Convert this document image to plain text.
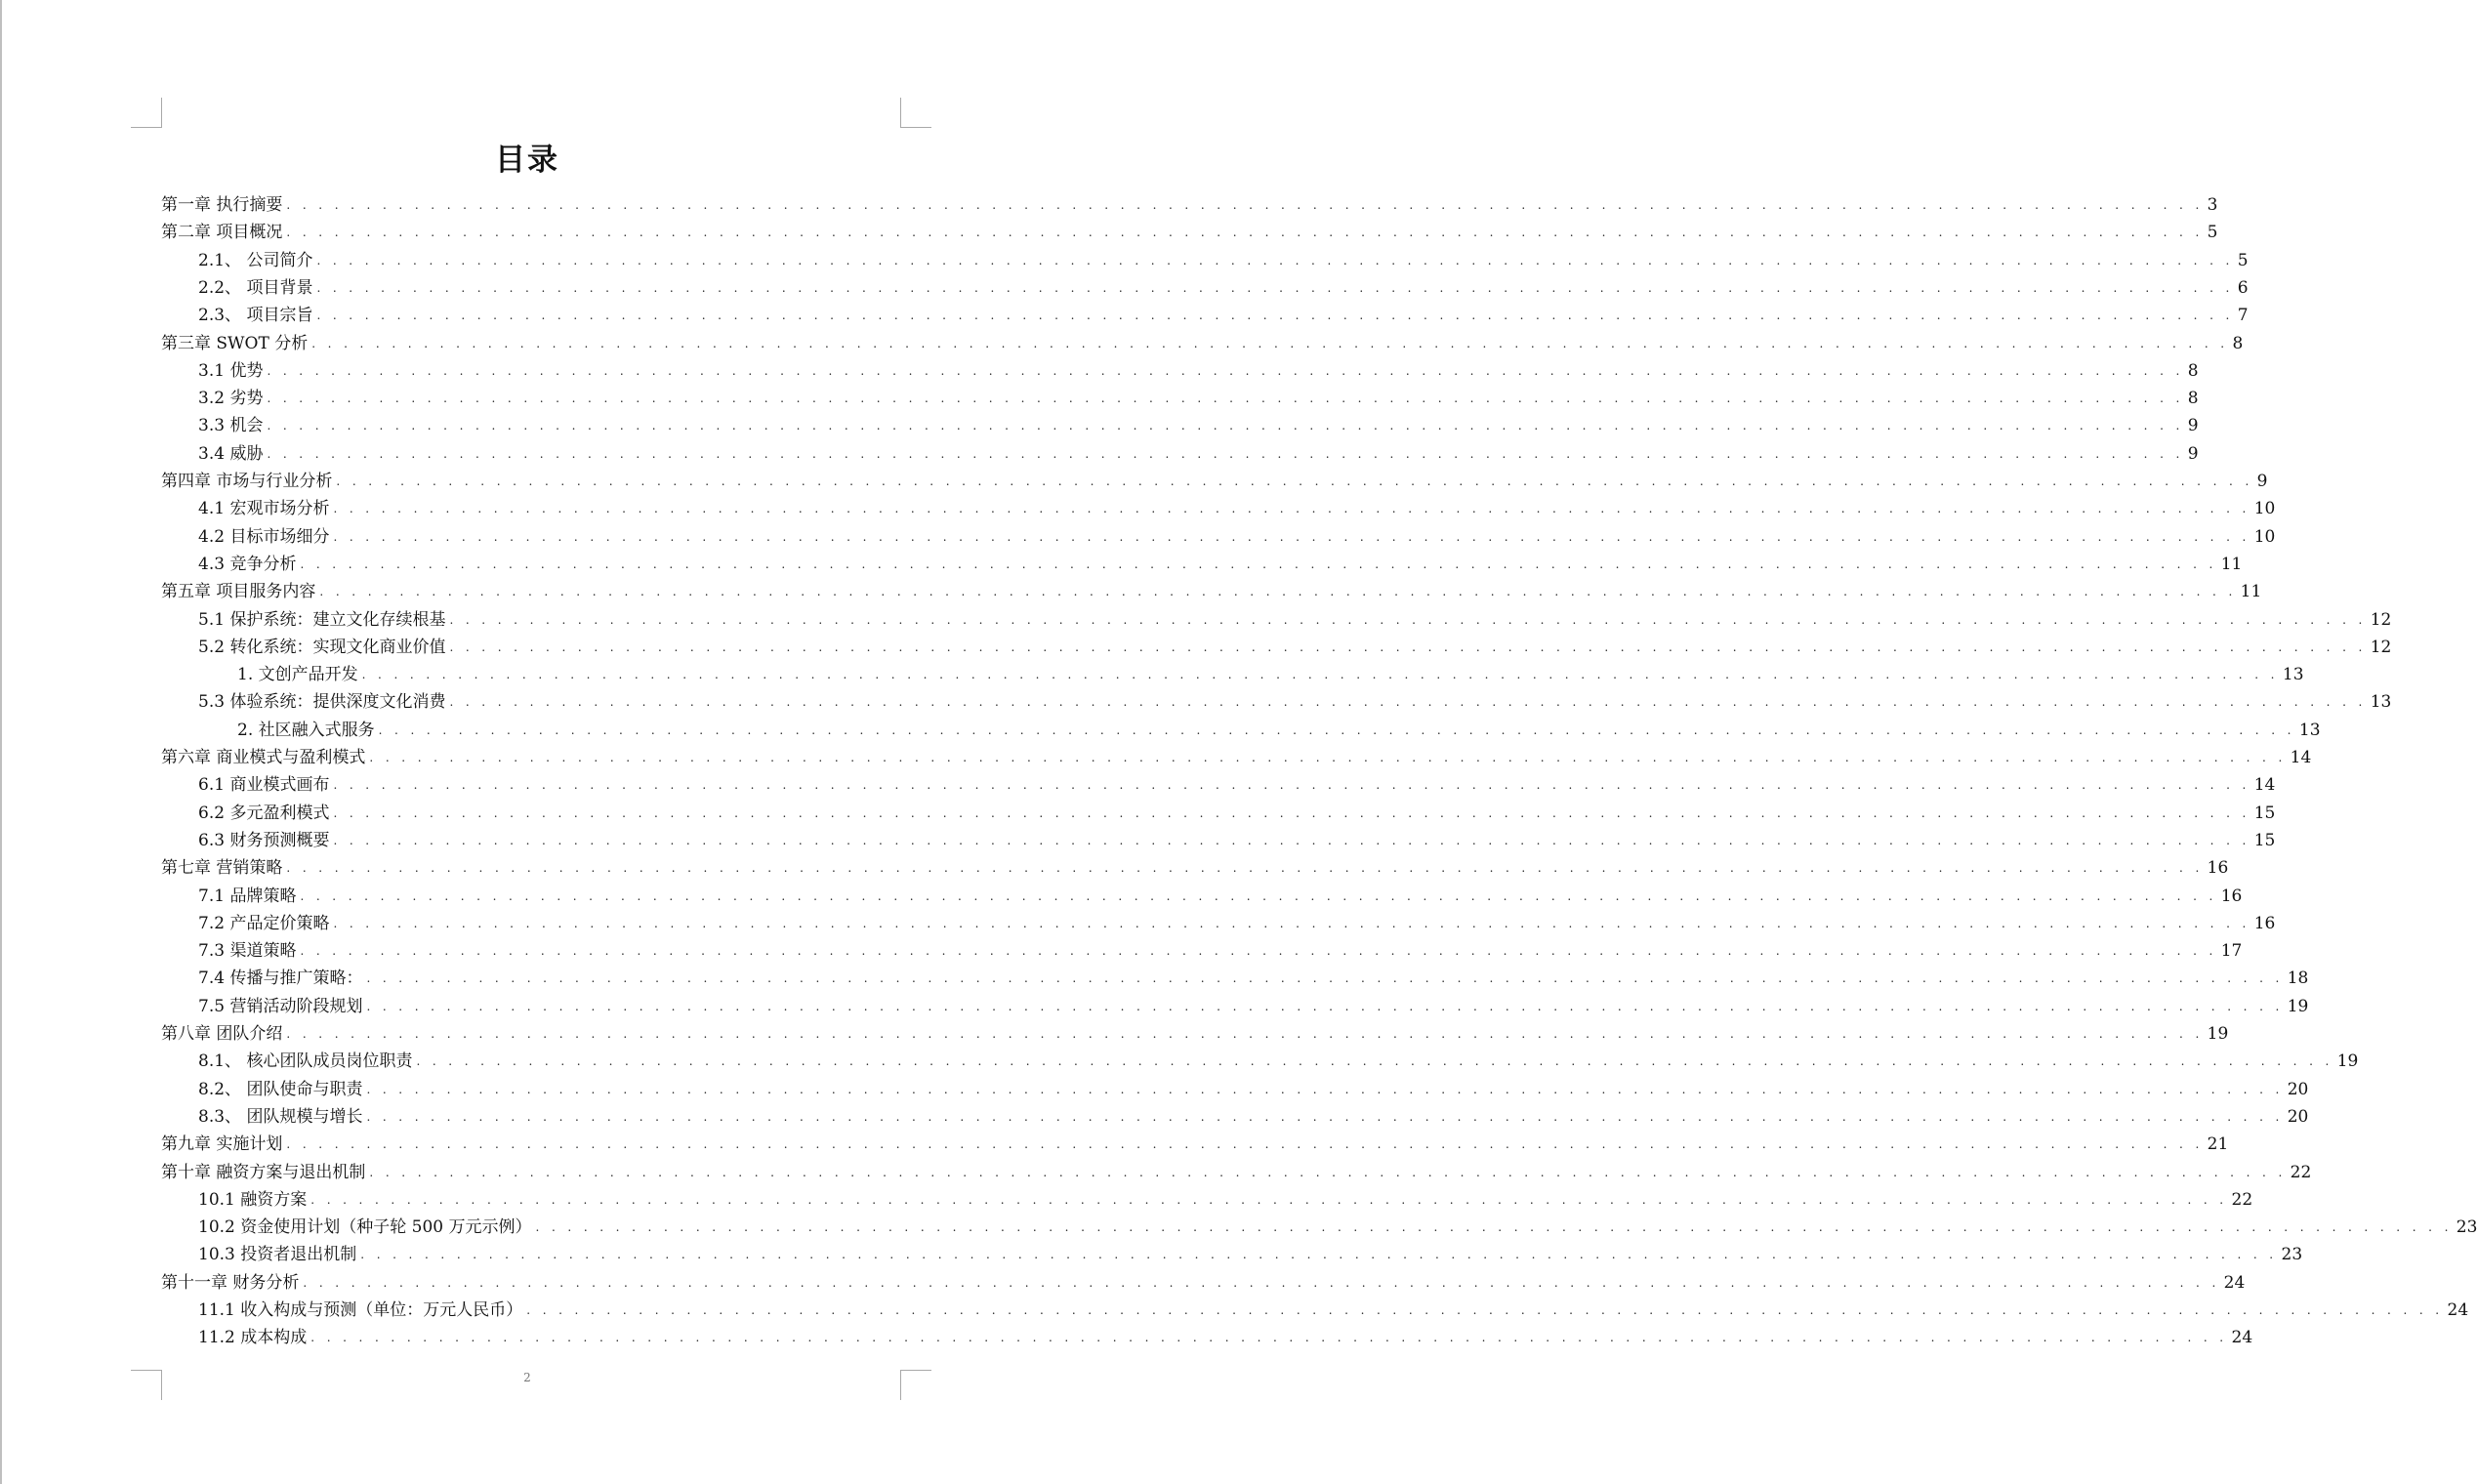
目录
第一章 执行摘要 . . . . . . . . . . . . . . . . . . . . . . . . . . . . . . . . . . . . . . . . . . . . . . . . . . . . . . . . . . . . . . . . . . . . . . . . . . . . . . . . . . . . . . . . . . . . . . . . . . . . . . . . . . . . . . . . . . . . . . . . 3
第二章 项目概况 . . . . . . . . . . . . . . . . . . . . . . . . . . . . . . . . . . . . . . . . . . . . . . . . . . . . . . . . . . . . . . . . . . . . . . . . . . . . . . . . . . . . . . . . . . . . . . . . . . . . . . . . . . . . . . . . . . . . . . . . 5
2.1、 公司简介 . . . . . . . . . . . . . . . . . . . . . . . . . . . . . . . . . . . . . . . . . . . . . . . . . . . . . . . . . . . . . . . . . . . . . . . . . . . . . . . . . . . . . . . . . . . . . . . . . . . . . . . . . . . . . . . . . . . . . . . . 5
2.2、 项目背景 . . . . . . . . . . . . . . . . . . . . . . . . . . . . . . . . . . . . . . . . . . . . . . . . . . . . . . . . . . . . . . . . . . . . . . . . . . . . . . . . . . . . . . . . . . . . . . . . . . . . . . . . . . . . . . . . . . . . . . . . 6
2.3、 项目宗旨 . . . . . . . . . . . . . . . . . . . . . . . . . . . . . . . . . . . . . . . . . . . . . . . . . . . . . . . . . . . . . . . . . . . . . . . . . . . . . . . . . . . . . . . . . . . . . . . . . . . . . . . . . . . . . . . . . . . . . . . . 7
第三章 SWOT 分析 . . . . . . . . . . . . . . . . . . . . . . . . . . . . . . . . . . . . . . . . . . . . . . . . . . . . . . . . . . . . . . . . . . . . . . . . . . . . . . . . . . . . . . . . . . . . . . . . . . . . . . . . . . . . . . . . . . . . . . . . 8
3.1 优势 . . . . . . . . . . . . . . . . . . . . . . . . . . . . . . . . . . . . . . . . . . . . . . . . . . . . . . . . . . . . . . . . . . . . . . . . . . . . . . . . . . . . . . . . . . . . . . . . . . . . . . . . . . . . . . . . . . . . . . . . 8
3.2 劣势 . . . . . . . . . . . . . . . . . . . . . . . . . . . . . . . . . . . . . . . . . . . . . . . . . . . . . . . . . . . . . . . . . . . . . . . . . . . . . . . . . . . . . . . . . . . . . . . . . . . . . . . . . . . . . . . . . . . . . . . . 8
3.3 机会 . . . . . . . . . . . . . . . . . . . . . . . . . . . . . . . . . . . . . . . . . . . . . . . . . . . . . . . . . . . . . . . . . . . . . . . . . . . . . . . . . . . . . . . . . . . . . . . . . . . . . . . . . . . . . . . . . . . . . . . . 9
3.4 威胁 . . . . . . . . . . . . . . . . . . . . . . . . . . . . . . . . . . . . . . . . . . . . . . . . . . . . . . . . . . . . . . . . . . . . . . . . . . . . . . . . . . . . . . . . . . . . . . . . . . . . . . . . . . . . . . . . . . . . . . . . 9
第四章 市场与行业分析 . . . . . . . . . . . . . . . . . . . . . . . . . . . . . . . . . . . . . . . . . . . . . . . . . . . . . . . . . . . . . . . . . . . . . . . . . . . . . . . . . . . . . . . . . . . . . . . . . . . . . . . . . . . . . . . . . . . . . . . . 9
4.1 宏观市场分析 . . . . . . . . . . . . . . . . . . . . . . . . . . . . . . . . . . . . . . . . . . . . . . . . . . . . . . . . . . . . . . . . . . . . . . . . . . . . . . . . . . . . . . . . . . . . . . . . . . . . . . . . . . . . . . . . . . . . . . . . 10
4.2 目标市场细分 . . . . . . . . . . . . . . . . . . . . . . . . . . . . . . . . . . . . . . . . . . . . . . . . . . . . . . . . . . . . . . . . . . . . . . . . . . . . . . . . . . . . . . . . . . . . . . . . . . . . . . . . . . . . . . . . . . . . . . . . 10
4.3 竞争分析 . . . . . . . . . . . . . . . . . . . . . . . . . . . . . . . . . . . . . . . . . . . . . . . . . . . . . . . . . . . . . . . . . . . . . . . . . . . . . . . . . . . . . . . . . . . . . . . . . . . . . . . . . . . . . . . . . . . . . . . . 11
第五章 项目服务内容 . . . . . . . . . . . . . . . . . . . . . . . . . . . . . . . . . . . . . . . . . . . . . . . . . . . . . . . . . . . . . . . . . . . . . . . . . . . . . . . . . . . . . . . . . . . . . . . . . . . . . . . . . . . . . . . . . . . . . . . . 11
5.1 保护系统：建立文化存续根基 . . . . . . . . . . . . . . . . . . . . . . . . . . . . . . . . . . . . . . . . . . . . . . . . . . . . . . . . . . . . . . . . . . . . . . . . . . . . . . . . . . . . . . . . . . . . . . . . . . . . . . . . . . . . . . . . . . . . . . . . 12
5.2 转化系统：实现文化商业价值 . . . . . . . . . . . . . . . . . . . . . . . . . . . . . . . . . . . . . . . . . . . . . . . . . . . . . . . . . . . . . . . . . . . . . . . . . . . . . . . . . . . . . . . . . . . . . . . . . . . . . . . . . . . . . . . . . . . . . . . . 12
1. 文创产品开发 . . . . . . . . . . . . . . . . . . . . . . . . . . . . . . . . . . . . . . . . . . . . . . . . . . . . . . . . . . . . . . . . . . . . . . . . . . . . . . . . . . . . . . . . . . . . . . . . . . . . . . . . . . . . . . . . . . . . . . . . 13
5.3 体验系统：提供深度文化消费 . . . . . . . . . . . . . . . . . . . . . . . . . . . . . . . . . . . . . . . . . . . . . . . . . . . . . . . . . . . . . . . . . . . . . . . . . . . . . . . . . . . . . . . . . . . . . . . . . . . . . . . . . . . . . . . . . . . . . . . . 13
2. 社区融入式服务 . . . . . . . . . . . . . . . . . . . . . . . . . . . . . . . . . . . . . . . . . . . . . . . . . . . . . . . . . . . . . . . . . . . . . . . . . . . . . . . . . . . . . . . . . . . . . . . . . . . . . . . . . . . . . . . . . . . . . . . . 13
第六章 商业模式与盈利模式 . . . . . . . . . . . . . . . . . . . . . . . . . . . . . . . . . . . . . . . . . . . . . . . . . . . . . . . . . . . . . . . . . . . . . . . . . . . . . . . . . . . . . . . . . . . . . . . . . . . . . . . . . . . . . . . . . . . . . . . . 14
6.1 商业模式画布 . . . . . . . . . . . . . . . . . . . . . . . . . . . . . . . . . . . . . . . . . . . . . . . . . . . . . . . . . . . . . . . . . . . . . . . . . . . . . . . . . . . . . . . . . . . . . . . . . . . . . . . . . . . . . . . . . . . . . . . . 14
6.2 多元盈利模式 . . . . . . . . . . . . . . . . . . . . . . . . . . . . . . . . . . . . . . . . . . . . . . . . . . . . . . . . . . . . . . . . . . . . . . . . . . . . . . . . . . . . . . . . . . . . . . . . . . . . . . . . . . . . . . . . . . . . . . . . 15
6.3 财务预测概要 . . . . . . . . . . . . . . . . . . . . . . . . . . . . . . . . . . . . . . . . . . . . . . . . . . . . . . . . . . . . . . . . . . . . . . . . . . . . . . . . . . . . . . . . . . . . . . . . . . . . . . . . . . . . . . . . . . . . . . . . 15
第七章 营销策略 . . . . . . . . . . . . . . . . . . . . . . . . . . . . . . . . . . . . . . . . . . . . . . . . . . . . . . . . . . . . . . . . . . . . . . . . . . . . . . . . . . . . . . . . . . . . . . . . . . . . . . . . . . . . . . . . . . . . . . . . 16
7.1 品牌策略 . . . . . . . . . . . . . . . . . . . . . . . . . . . . . . . . . . . . . . . . . . . . . . . . . . . . . . . . . . . . . . . . . . . . . . . . . . . . . . . . . . . . . . . . . . . . . . . . . . . . . . . . . . . . . . . . . . . . . . . . 16
7.2 产品定价策略 . . . . . . . . . . . . . . . . . . . . . . . . . . . . . . . . . . . . . . . . . . . . . . . . . . . . . . . . . . . . . . . . . . . . . . . . . . . . . . . . . . . . . . . . . . . . . . . . . . . . . . . . . . . . . . . . . . . . . . . . 16
7.3 渠道策略 . . . . . . . . . . . . . . . . . . . . . . . . . . . . . . . . . . . . . . . . . . . . . . . . . . . . . . . . . . . . . . . . . . . . . . . . . . . . . . . . . . . . . . . . . . . . . . . . . . . . . . . . . . . . . . . . . . . . . . . . 17
7.4 传播与推广策略： . . . . . . . . . . . . . . . . . . . . . . . . . . . . . . . . . . . . . . . . . . . . . . . . . . . . . . . . . . . . . . . . . . . . . . . . . . . . . . . . . . . . . . . . . . . . . . . . . . . . . . . . . . . . . . . . . . . . . . . . 18
7.5 营销活动阶段规划 . . . . . . . . . . . . . . . . . . . . . . . . . . . . . . . . . . . . . . . . . . . . . . . . . . . . . . . . . . . . . . . . . . . . . . . . . . . . . . . . . . . . . . . . . . . . . . . . . . . . . . . . . . . . . . . . . . . . . . . . 19
第八章 团队介绍 . . . . . . . . . . . . . . . . . . . . . . . . . . . . . . . . . . . . . . . . . . . . . . . . . . . . . . . . . . . . . . . . . . . . . . . . . . . . . . . . . . . . . . . . . . . . . . . . . . . . . . . . . . . . . . . . . . . . . . . . 19
8.1、 核心团队成员岗位职责 . . . . . . . . . . . . . . . . . . . . . . . . . . . . . . . . . . . . . . . . . . . . . . . . . . . . . . . . . . . . . . . . . . . . . . . . . . . . . . . . . . . . . . . . . . . . . . . . . . . . . . . . . . . . . . . . . . . . . . . . 19
8.2、 团队使命与职责 . . . . . . . . . . . . . . . . . . . . . . . . . . . . . . . . . . . . . . . . . . . . . . . . . . . . . . . . . . . . . . . . . . . . . . . . . . . . . . . . . . . . . . . . . . . . . . . . . . . . . . . . . . . . . . . . . . . . . . . . 20
8.3、 团队规模与增长 . . . . . . . . . . . . . . . . . . . . . . . . . . . . . . . . . . . . . . . . . . . . . . . . . . . . . . . . . . . . . . . . . . . . . . . . . . . . . . . . . . . . . . . . . . . . . . . . . . . . . . . . . . . . . . . . . . . . . . . . 20
第九章 实施计划 . . . . . . . . . . . . . . . . . . . . . . . . . . . . . . . . . . . . . . . . . . . . . . . . . . . . . . . . . . . . . . . . . . . . . . . . . . . . . . . . . . . . . . . . . . . . . . . . . . . . . . . . . . . . . . . . . . . . . . . . 21
第十章 融资方案与退出机制 . . . . . . . . . . . . . . . . . . . . . . . . . . . . . . . . . . . . . . . . . . . . . . . . . . . . . . . . . . . . . . . . . . . . . . . . . . . . . . . . . . . . . . . . . . . . . . . . . . . . . . . . . . . . . . . . . . . . . . . . 22
10.1 融资方案 . . . . . . . . . . . . . . . . . . . . . . . . . . . . . . . . . . . . . . . . . . . . . . . . . . . . . . . . . . . . . . . . . . . . . . . . . . . . . . . . . . . . . . . . . . . . . . . . . . . . . . . . . . . . . . . . . . . . . . . . 22
10.2 资金使用计划（种子轮 500 万元示例） . . . . . . . . . . . . . . . . . . . . . . . . . . . . . . . . . . . . . . . . . . . . . . . . . . . . . . . . . . . . . . . . . . . . . . . . . . . . . . . . . . . . . . . . . . . . . . . . . . . . . . . . . . . . . . . . . . . . . . . . 23
10.3 投资者退出机制 . . . . . . . . . . . . . . . . . . . . . . . . . . . . . . . . . . . . . . . . . . . . . . . . . . . . . . . . . . . . . . . . . . . . . . . . . . . . . . . . . . . . . . . . . . . . . . . . . . . . . . . . . . . . . . . . . . . . . . . . 23
第十一章 财务分析 . . . . . . . . . . . . . . . . . . . . . . . . . . . . . . . . . . . . . . . . . . . . . . . . . . . . . . . . . . . . . . . . . . . . . . . . . . . . . . . . . . . . . . . . . . . . . . . . . . . . . . . . . . . . . . . . . . . . . . . . 24
11.1 收入构成与预测（单位：万元人民币） . . . . . . . . . . . . . . . . . . . . . . . . . . . . . . . . . . . . . . . . . . . . . . . . . . . . . . . . . . . . . . . . . . . . . . . . . . . . . . . . . . . . . . . . . . . . . . . . . . . . . . . . . . . . . . . . . . . . . . . . 24
11.2 成本构成 . . . . . . . . . . . . . . . . . . . . . . . . . . . . . . . . . . . . . . . . . . . . . . . . . . . . . . . . . . . . . . . . . . . . . . . . . . . . . . . . . . . . . . . . . . . . . . . . . . . . . . . . . . . . . . . . . . . . . . . . 24
2
